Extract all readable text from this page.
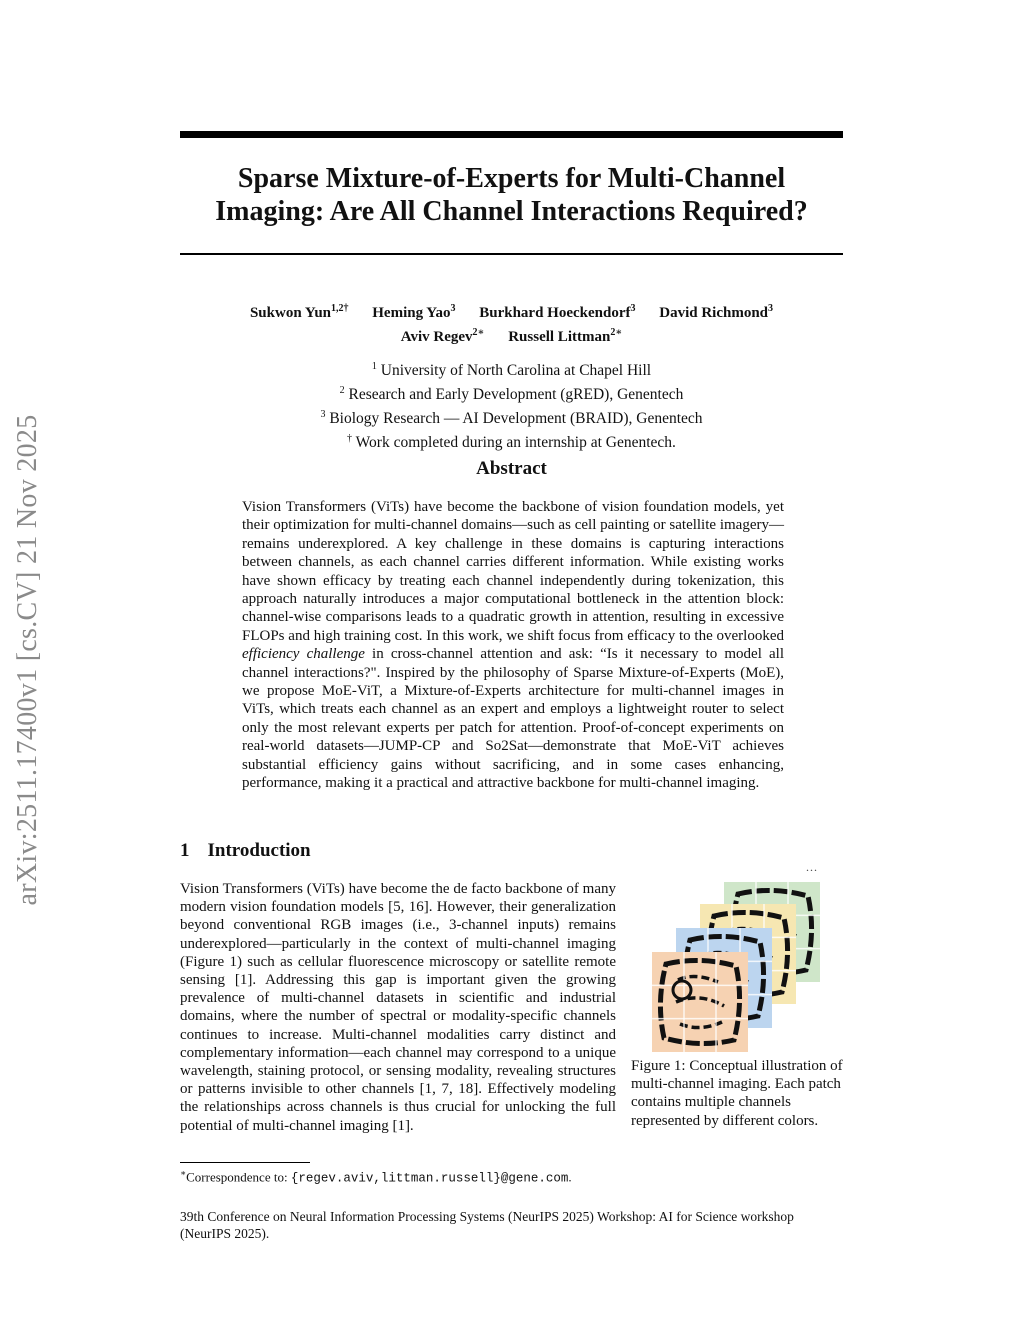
arXiv:2511.17400v1 [cs.CV] 21 Nov 2025
Sparse Mixture-of-Experts for Multi-Channel
Imaging: Are All Channel Interactions Required?
Sukwon Yun$^{1,2\dagger}$ Heming Yao$^3$ Burkhard Hoeckendorf$^3$ David Richmond$^3$
Aviv Regev$^{2∗}$ Russell Littman$^{2∗}$
$^1$ University of North Carolina at Chapel Hill
$^2$ Research and Early Development (gRED), Genentech
$^3$ Biology Research — AI Development (BRAID), Genentech
† Work completed during an internship at Genentech.
Abstract
Vision Transformers (ViTs) have become the backbone of vision foundation models, yet their optimization for multi-channel domains—such as cell painting or satellite imagery—remains underexplored. A key challenge in these domains is capturing interactions between channels, as each channel carries different information. While existing works have shown efficacy by treating each channel independently during tokenization, this approach naturally introduces a major computational bottleneck in the attention block: channel-wise comparisons leads to a quadratic growth in attention, resulting in excessive FLOPs and high training cost. In this work, we shift focus from efficacy to the overlooked efficiency challenge in cross-channel attention and ask: “Is it necessary to model all channel interactions?". Inspired by the philosophy of Sparse Mixture-of-Experts (MoE), we propose MoE-ViT, a Mixture-of-Experts architecture for multi-channel images in ViTs, which treats each channel as an expert and employs a lightweight router to select only the most relevant experts per patch for attention. Proof-of-concept experiments on real-world datasets—JUMP-CP and So2Sat—demonstrate that MoE-ViT achieves substantial efficiency gains without sacrificing, and in some cases enhancing, performance, making it a practical and attractive backbone for multi-channel imaging.
1 Introduction
Vision Transformers (ViTs) have become the de facto backbone of many modern vision foundation models [5, 16]. However, their generalization beyond conventional RGB images (i.e., 3-channel inputs) remains underexplored—particularly in the context of multi-channel imaging (Figure 1) such as cellular fluorescence microscopy or satellite remote sensing [1]. Addressing this gap is important given the growing prevalence of multi-channel datasets in scientific and industrial domains, where the number of spectral or modality-specific channels continues to increase. Multi-channel modalities carry distinct and complementary information—each channel may correspond to a unique wavelength, staining protocol, or sensing modality, revealing structures or patterns invisible to other channels [1, 7, 18]. Effectively modeling the relationships across channels is thus crucial for unlocking the full potential of multi-channel imaging [1].
...
Figure 1: Conceptual illustration of multi-channel imaging. Each patch contains multiple channels represented by different colors.
∗Correspondence to: {regev.aviv,littman.russell}@gene.com.
39th Conference on Neural Information Processing Systems (NeurIPS 2025) Workshop: AI for Science workshop (NeurIPS 2025).
